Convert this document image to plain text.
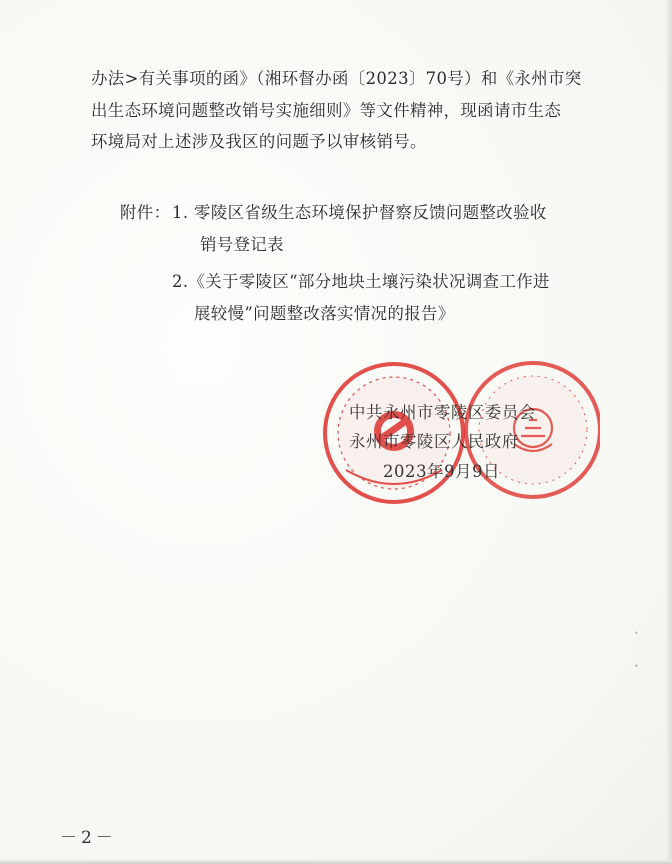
办法>有关事项的函》（湘环督办函〔2023〕70号）和《永州市突
出生态环境问题整改销号实施细则》等文件精神，现函请市生态
环境局对上述涉及我区的问题予以审核销号。
附件： 1. 零陵区省级生态环境保护督察反馈问题整改验收
销号登记表
2.《关于零陵区“部分地块土壤污染状况调查工作进
展较慢”问题整改落实情况的报告》
中共永州市零陵区委员会
永州市零陵区人民政府
2023年9月9日
－2－
•
•
